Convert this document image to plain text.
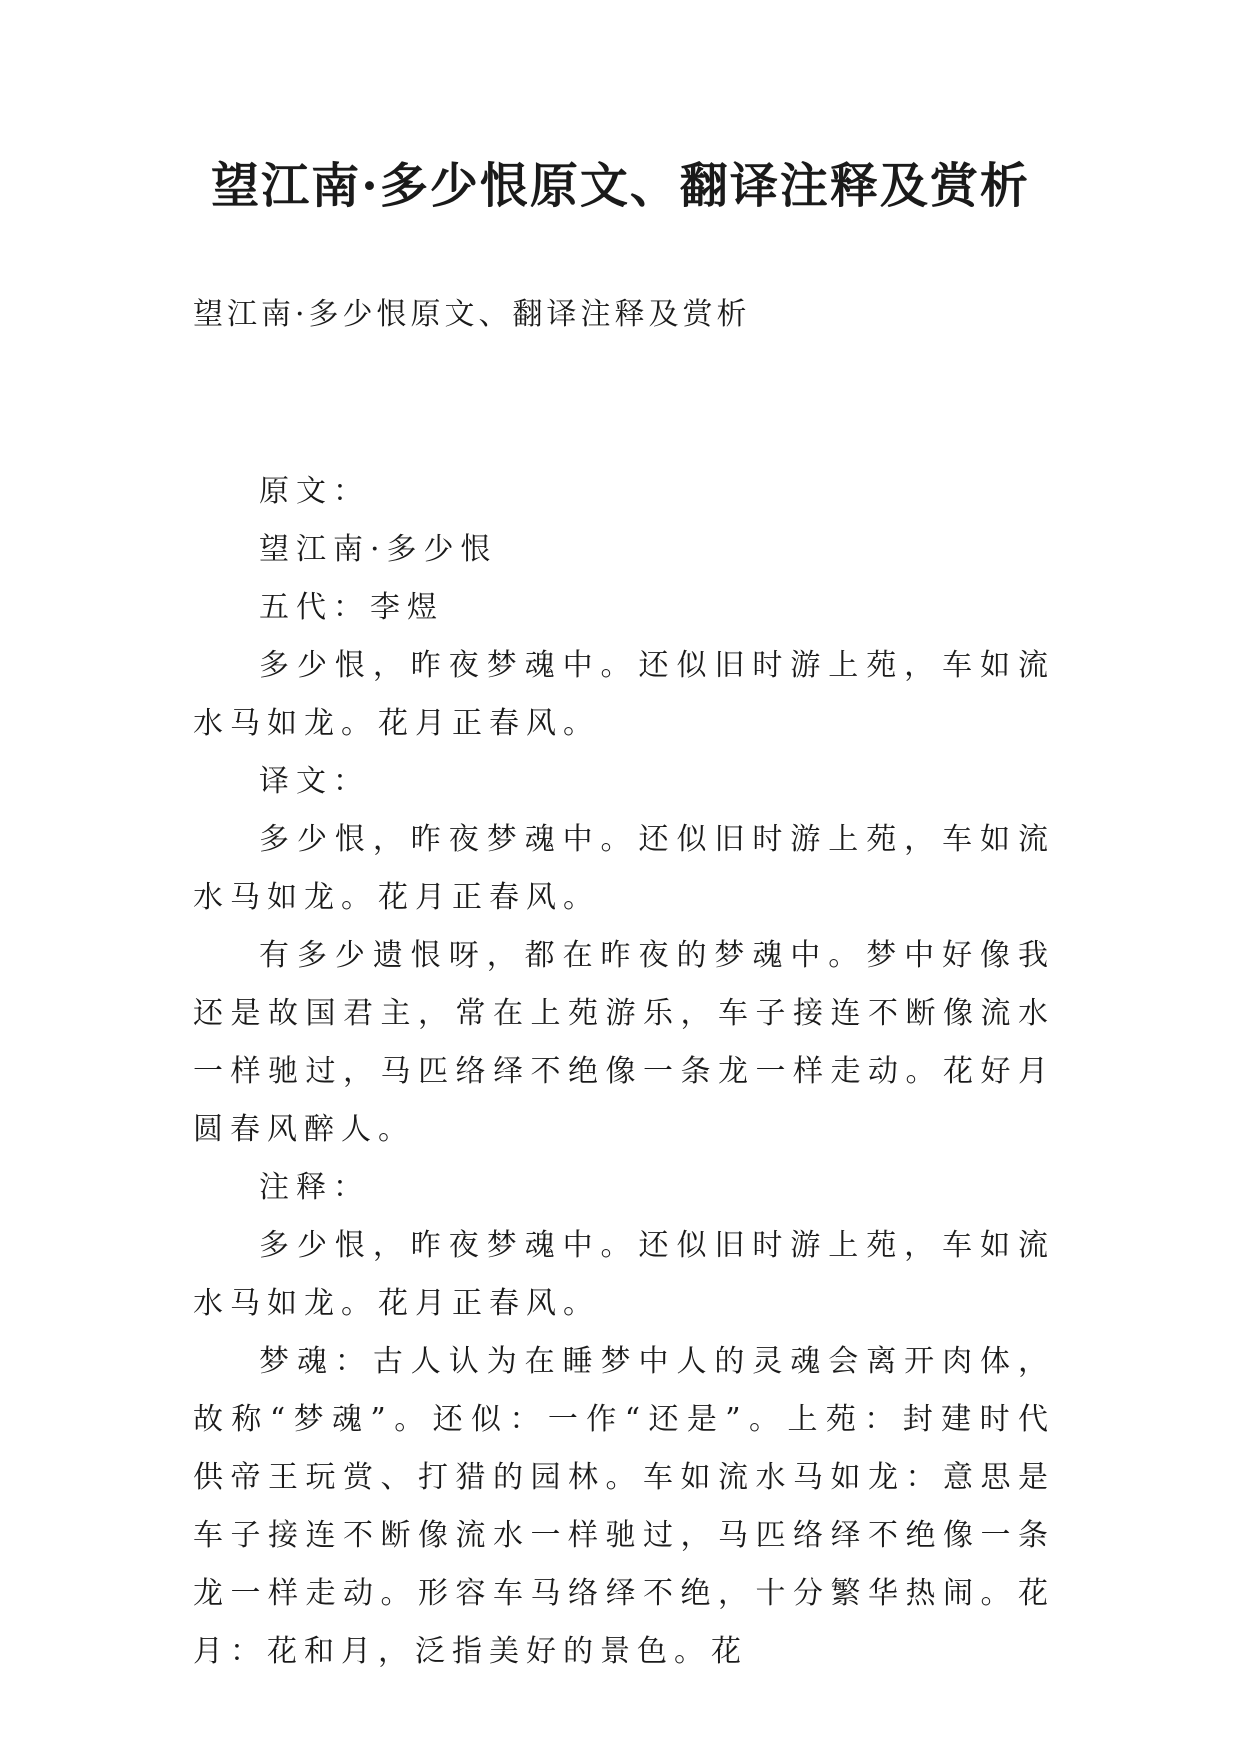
望江南·多少恨原文、翻译注释及赏析

望江南·多少恨原文、翻译注释及赏析

原文：

望江南·多少恨

五代：李煜

多少恨，昨夜梦魂中。还似旧时游上苑，车如流水马如龙。花月正春风。

译文：

多少恨，昨夜梦魂中。还似旧时游上苑，车如流水马如龙。花月正春风。

有多少遗恨呀，都在昨夜的梦魂中。梦中好像我还是故国君主，常在上苑游乐，车子接连不断像流水一样驰过，马匹络绎不绝像一条龙一样走动。花好月圆春风醉人。

注释：

多少恨，昨夜梦魂中。还似旧时游上苑，车如流水马如龙。花月正春风。

梦魂：古人认为在睡梦中人的灵魂会离开肉体，故称“梦魂”。还似：一作“还是”。上苑：封建时代供帝王玩赏、打猎的园林。车如流水马如龙：意思是车子接连不断像流水一样驰过，马匹络绎不绝像一条龙一样走动。形容车马络绎不绝，十分繁华热闹。花月：花和月，泛指美好的景色。花
